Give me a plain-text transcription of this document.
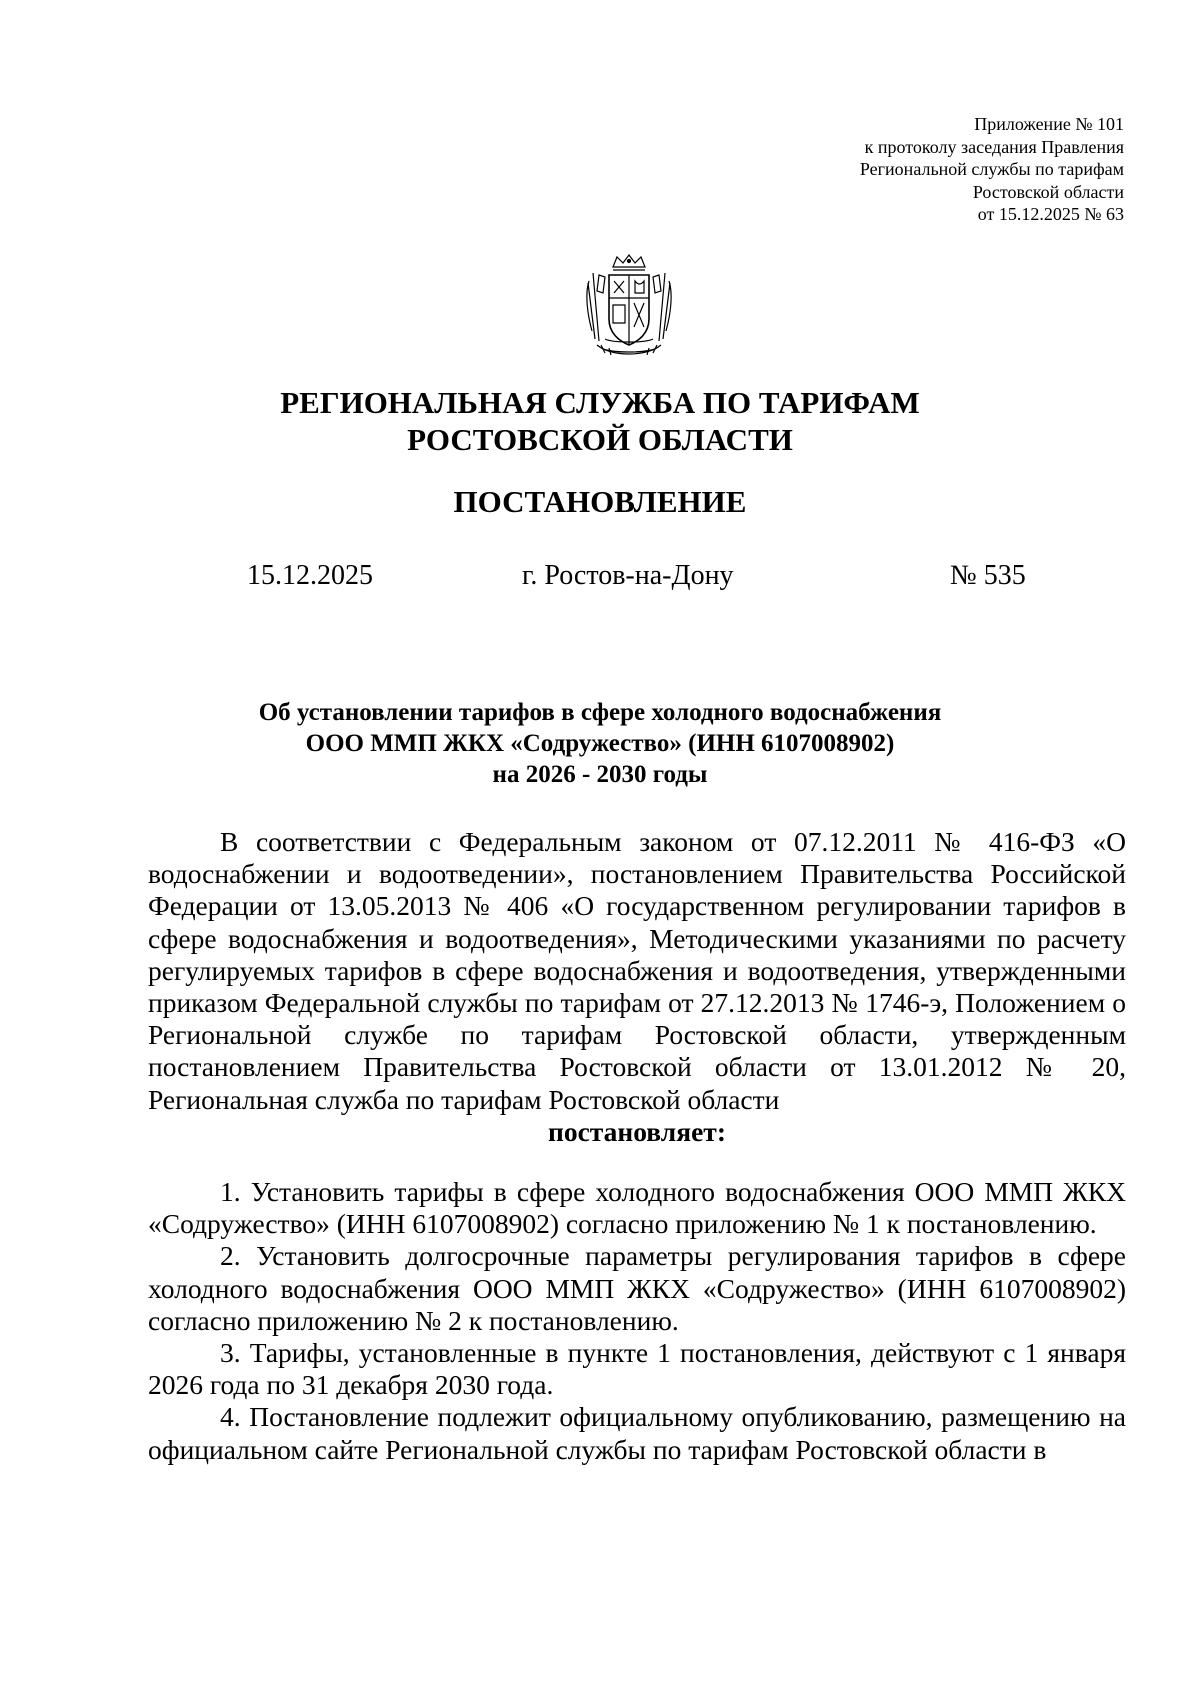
Приложение № 101
к протоколу заседания Правления
Региональной службы по тарифам
Ростовской области
от 15.12.2025 № 63
РЕГИОНАЛЬНАЯ СЛУЖБА ПО ТАРИФАМ
РОСТОВСКОЙ ОБЛАСТИ
ПОСТАНОВЛЕНИЕ
15.12.2025	г. Ростов-на-Дону	№ 535
Об установлении тарифов в сфере холодного водоснабжения
ООО ММП ЖКХ «Содружество» (ИНН 6107008902)
на 2026 - 2030 годы

В соответствии с Федеральным законом от 07.12.2011 № 416-ФЗ «О водоснабжении и водоотведении», постановлением Правительства Российской Федерации от 13.05.2013 № 406 «О государственном регулировании тарифов в сфере водоснабжения и водоотведения», Методическими указаниями по расчету регулируемых тарифов в сфере водоснабжения и водоотведения, утвержденными приказом Федеральной службы по тарифам от 27.12.2013 № 1746-э, Положением о Региональной службе по тарифам Ростовской области, утвержденным постановлением Правительства Ростовской области от 13.01.2012 № 20, Региональная служба по тарифам Ростовской области

постановляет:

1. Установить тарифы в сфере холодного водоснабжения ООО ММП ЖКХ «Содружество» (ИНН 6107008902) согласно приложению № 1 к постановлению.

2. Установить долгосрочные параметры регулирования тарифов в сфере холодного водоснабжения ООО ММП ЖКХ «Содружество» (ИНН 6107008902) согласно приложению № 2 к постановлению.

3. Тарифы, установленные в пункте 1 постановления, действуют с 1 января 2026 года по 31 декабря 2030 года.

4. Постановление подлежит официальному опубликованию, размещению на официальном сайте Региональной службы по тарифам Ростовской области в
